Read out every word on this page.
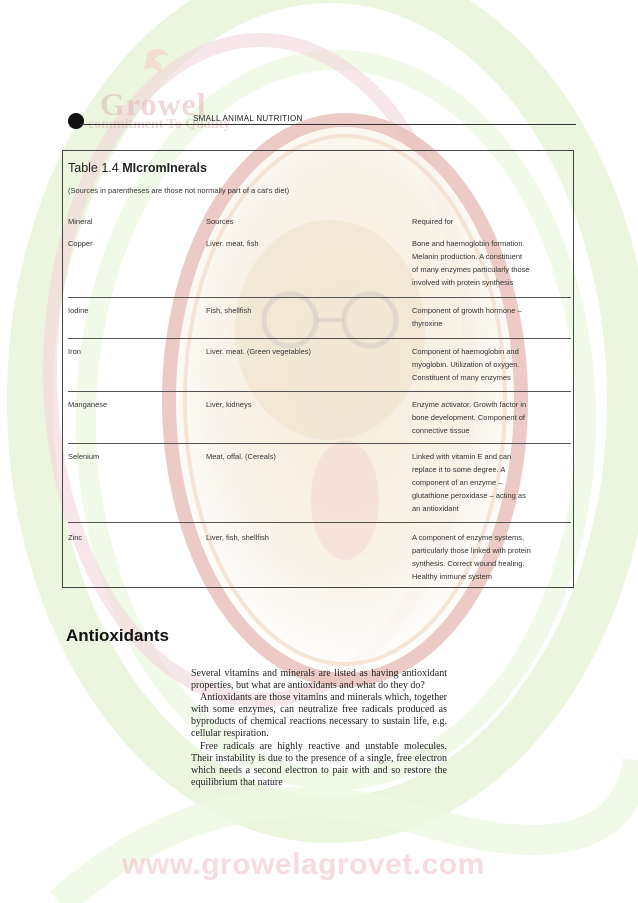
Growel
commitment To Quality
SMALL ANIMAL NUTRITION
Table 1.4 MIcromInerals
(Sources in parentheses are those not normally part of a cat's diet)
Mineral	Sources	Required for
Copper	Liver. meat, fish	Bone and haemoglobin formation.
Melanin production. A constituent
of many enzymes particularly those
involved with protein synthesis
Iodine	Fish, shellfish	Component of growth hormone –
thyroxine
Iron	Liver. meat. (Green vegetables)	Component of haemoglobin and
myoglobin. Utilization of oxygen.
Constituent of many enzymes
Manganese	Liver, kidneys	Enzyme activator. Growth factor in
bone development. Component of
connective tissue
Selenium	Meat, offal. (Cereals)	Linked with vitamin E and can
replace it to some degree. A
component of an enzyme –
glutathione peroxidase – acting as
an antioxidant
Zinc	Liver, fish, shellfish	A component of enzyme systems,
particularly those linked with protein
synthesis. Correct wound healing.
Healthy immune system
Antioxidants
Several vitamins and minerals are listed as having antioxidant properties, but what are antioxidants and what do they do?
Antioxidants are those vitamins and minerals which, together with some enzymes, can neutralize free radicals produced as byproducts of chemical reactions necessary to sustain life, e.g. cellular respiration.
Free radicals are highly reactive and unstable molecules. Their instability is due to the presence of a single, free electron which needs a second electron to pair with and so restore the equilibrium that nature
www.growelagrovet.com
